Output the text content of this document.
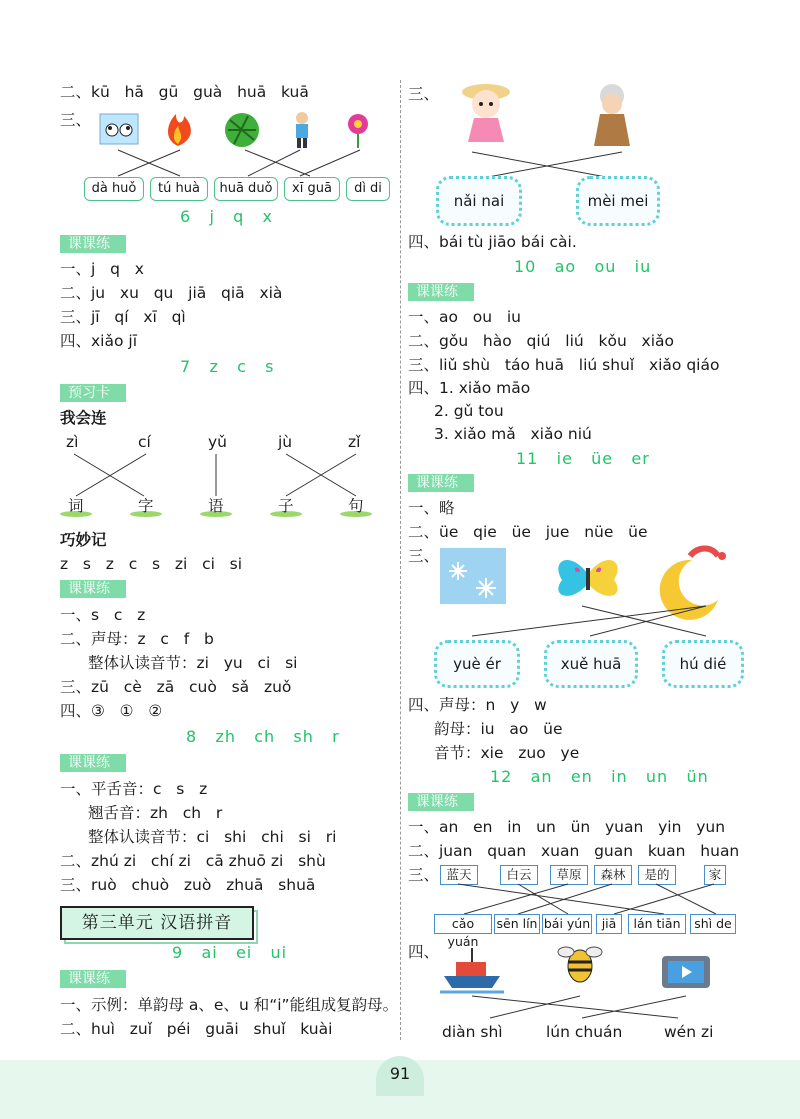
二、kū   hā   gū   guà   huā   kuā
三、
dà huǒ	tú huà	huā duǒ	xī guā	dì di
6   j   q   x
课课练
一、j   q   x
二、ju   xu   qu   jiā   qiā   xià
三、jī   qí   xī   qì
四、xiǎo jī
7   z   c   s
预习卡
我会连
zì	cí	yǔ	jù	zǐ
词	字	语	子	句
巧妙记
z   s   z   c   s   zi   ci   si
课课练
一、s   c   z
二、声母：z   c   f   b
整体认读音节：zi   yu   ci   si
三、zū   cè   zā   cuò   sǎ   zuǒ
四、③   ①   ②
8   zh   ch   sh   r
课课练
一、平舌音：c   s   z
翘舌音：zh   ch   r
整体认读音节：ci   shi   chi   si   ri
二、zhú zi   chí zi   cā zhuō zi   shù
三、ruò   chuò   zuò   zhuā   shuā
第三单元 汉语拼音
9   ai   ei   ui
课课练
一、示例：单韵母 a、e、u 和“i”能组成复韵母。
二、huì   zuǐ   péi   guāi   shuǐ   kuài
三、
nǎi nai	mèi mei
四、bái tù jiāo bái cài.
10   ao   ou   iu
课课练
一、ao   ou   iu
二、gǒu   hào   qiú   liú   kǒu   xiǎo
三、liǔ shù   táo huā   liú shuǐ   xiǎo qiáo
四、1. xiǎo māo
2. gǔ tou
3. xiǎo mǎ   xiǎo niú
11   ie   üe   er
课课练
一、略
二、üe   qie   üe   jue   nüe   üe
三、
yuè ér	xuě huā	hú dié
四、声母：n   y   w
韵母：iu   ao   üe
音节：xie   zuo   ye
12   an   en   in   un   ün
课课练
一、an   en   in   un   ün   yuan   yin   yun
二、juan   quan   xuan   guan   kuan   huan
三、 蓝天	白云	草原	森林	是的	家
cǎo yuán
sēn lín bái yún jiā	lán tiān	shì de
四、
diàn shì	lún chuán	wén zi
91
